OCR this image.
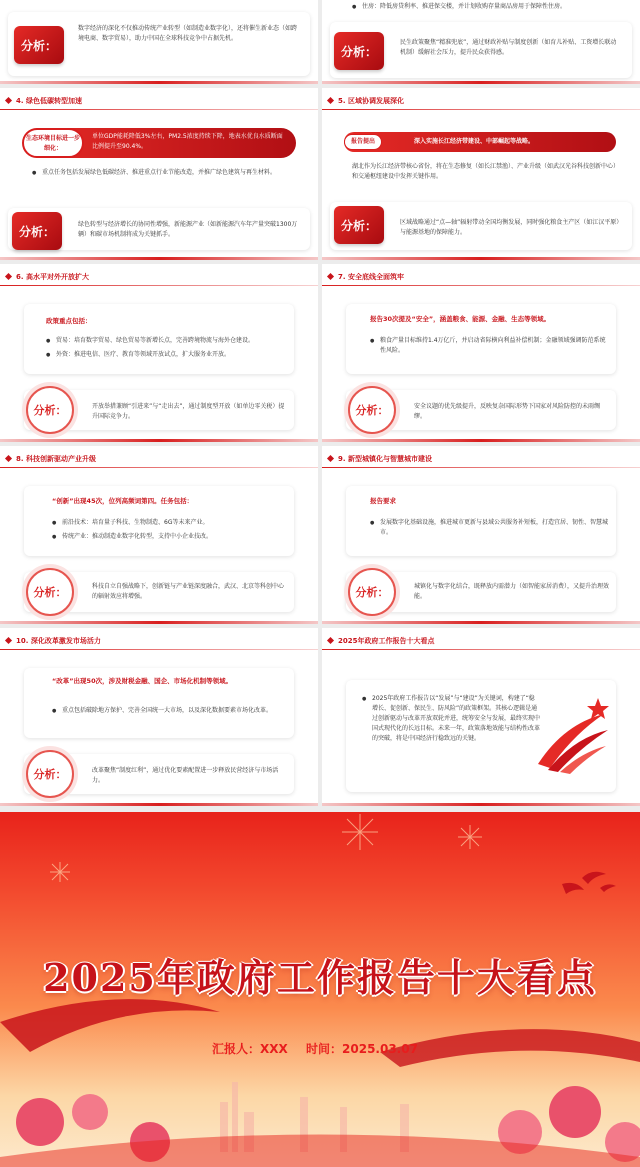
分析：
数字经济的深化不仅推动传统产业转型（如制造业数字化），还将催生新业态（如跨境电商、数字贸易），助力中国在全球科技竞争中占据先机。
● 住房：降低房贷利率、推进保交楼，并计划收购存量商品房用于保障性住房。
分析：
民生政策聚焦“精准兜底”，通过财政补贴与制度创新（如育儿补贴、工资增长联动机制）缓解社会压力，提升民众获得感。
4. 绿色低碳转型加速
生态环境目标进一步细化：
单位GDP能耗降低3%左右，PM2.5浓度持续下降，地表水优良水质断面比例提升至90.4%。
● 重点任务包括发展绿色低碳经济、推进重点行业节能改造，并推广绿色建筑与再生材料。
分析：	绿色转型与经济增长的协同性增强，新能源产业（如新能源汽车年产量突破1300万辆）和碳市场机制将成为关键抓手。
5. 区域协调发展深化
深入实施长江经济带建设、中部崛起等战略。
报告提出
湖北作为长江经济带核心省份，将在生态修复（如长江禁渔）、产业升级（如武汉光谷科技创新中心）和交通枢纽建设中发挥关键作用。
分析：	区域战略通过“点—轴”辐射带动全国均衡发展，同时强化粮食主产区（如江汉平原）与能源基地的保障能力。
6. 高水平对外开放扩大
政策重点包括：
● 贸易：培育数字贸易、绿色贸易等新增长点，完善跨境物流与海外仓建设。
● 外资：推进电信、医疗、教育等领域开放试点，扩大服务业开放。
分析：	开放举措兼顾“引进来”与“走出去”，通过制度型开放（如单边零关税）提升国际竞争力。
7. 安全底线全面筑牢
报告30次提及“安全”，涵盖粮食、能源、金融、生态等领域。
● 粮食产量目标维持1.4万亿斤，并启动省际横向利益补偿机制；金融领域强调防范系统性风险。
分析：	安全议题的优先级提升，反映复杂国际形势下国家对风险防控的未雨绸缪。
8. 科技创新驱动产业升级
“创新”出现45次，位列高频词第四。任务包括：
● 前沿技术：培育量子科技、生物制造、6G等未来产业。
● 传统产业：推动制造业数字化转型，支持中小企业技改。
分析：	科技自立自强战略下，创新链与产业链深度融合，武汉、北京等科创中心的辐射效应将增强。
9. 新型城镇化与智慧城市建设
报告要求
● 发展数字化基础设施，推进城市更新与县域公共服务补短板，打造宜居、韧性、智慧城市。
分析：	城镇化与数字化结合，既释放内需潜力（如智能家居消费），又提升治理效能。
10. 深化改革激发市场活力
“改革”出现50次，涉及财税金融、国企、市场化机制等领域。
● 重点包括破除地方保护、完善全国统一大市场，以及深化数据要素市场化改革。
分析：	改革聚焦“制度红利”，通过优化要素配置进一步释放民营经济与市场活力。
2025年政府工作报告十大看点
● 2025年政府工作报告以“发展”与“建设”为关键词，构建了“稳增长、促创新、保民生、防风险”的政策框架。其核心逻辑是通过创新驱动与改革开放双轮并进，统筹安全与发展，最终实现中国式现代化的长远目标。未来一年，政策落地效能与结构性改革的突破，将是中国经济行稳致远的关键。
2025年政府工作报告十大看点
汇报人：XXX 时间：2025.03.07
